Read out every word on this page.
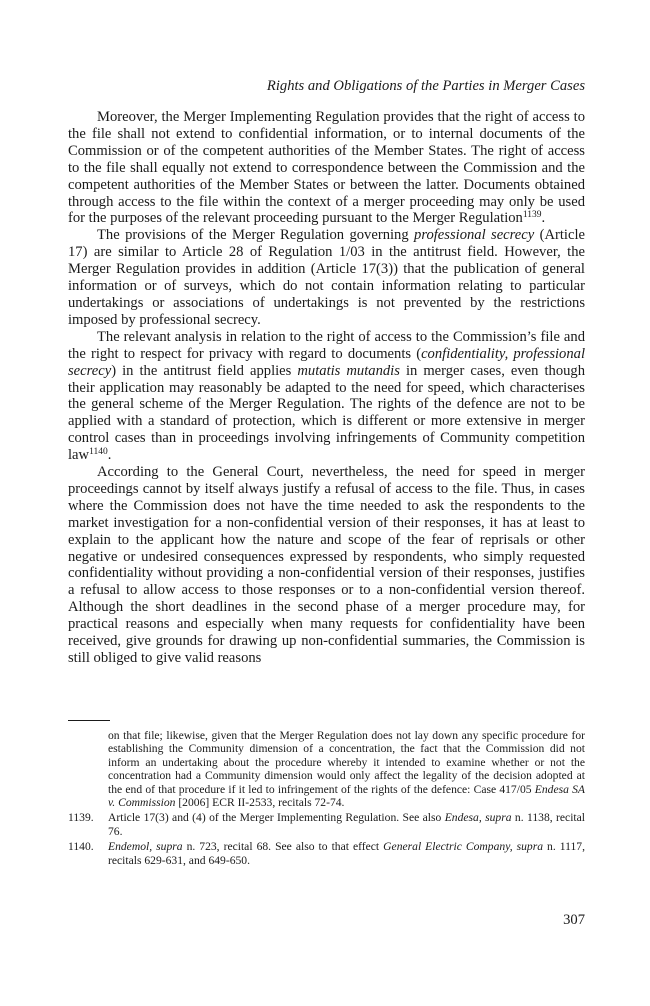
Rights and Obligations of the Parties in Merger Cases

Moreover, the Merger Implementing Regulation provides that the right of access to the file shall not extend to confidential information, or to internal documents of the Commission or of the competent authorities of the Member States. The right of access to the file shall equally not extend to correspondence between the Commission and the competent authorities of the Member States or between the latter. Documents obtained through access to the file within the context of a merger proceeding may only be used for the purposes of the relevant proceeding pursuant to the Merger Regulation$^{1139}$.

The provisions of the Merger Regulation governing professional secrecy (Article 17) are similar to Article 28 of Regulation 1/03 in the antitrust field. However, the Merger Regulation provides in addition (Article 17(3)) that the publication of general information or of surveys, which do not contain information relating to particular undertakings or associations of undertakings is not prevented by the restrictions imposed by professional secrecy.

The relevant analysis in relation to the right of access to the Commission’s file and the right to respect for privacy with regard to documents (confidentiality, professional secrecy) in the antitrust field applies mutatis mutandis in merger cases, even though their application may reasonably be adapted to the need for speed, which characterises the general scheme of the Merger Regulation. The rights of the defence are not to be applied with a standard of protection, which is different or more extensive in merger control cases than in proceedings involving infringements of Community competition law$^{1140}$.

According to the General Court, nevertheless, the need for speed in merger proceedings cannot by itself always justify a refusal of access to the file. Thus, in cases where the Commission does not have the time needed to ask the respondents to the market investigation for a non-confidential version of their responses, it has at least to explain to the applicant how the nature and scope of the fear of reprisals or other negative or undesired consequences expressed by respondents, who simply requested confidentiality without providing a non-confidential version of their responses, justifies a refusal to allow access to those responses or to a non-confidential version thereof. Although the short deadlines in the second phase of a merger procedure may, for practical reasons and especially when many requests for confidentiality have been received, give grounds for drawing up non-confidential summaries, the Commission is still obliged to give valid reasons

on that file; likewise, given that the Merger Regulation does not lay down any specific procedure for establishing the Community dimension of a concentration, the fact that the Commission did not inform an undertaking about the procedure whereby it intended to examine whether or not the concentration had a Community dimension would only affect the legality of the decision adopted at the end of that procedure if it led to infringement of the rights of the defence: Case 417/05 Endesa SA v. Commission [2006] ECR II-2533, recitals 72-74.
1139. Article 17(3) and (4) of the Merger Implementing Regulation. See also Endesa, supra n. 1138, recital 76.
1140. Endemol, supra n. 723, recital 68. See also to that effect General Electric Company, supra n. 1117, recitals 629-631, and 649-650.
307
